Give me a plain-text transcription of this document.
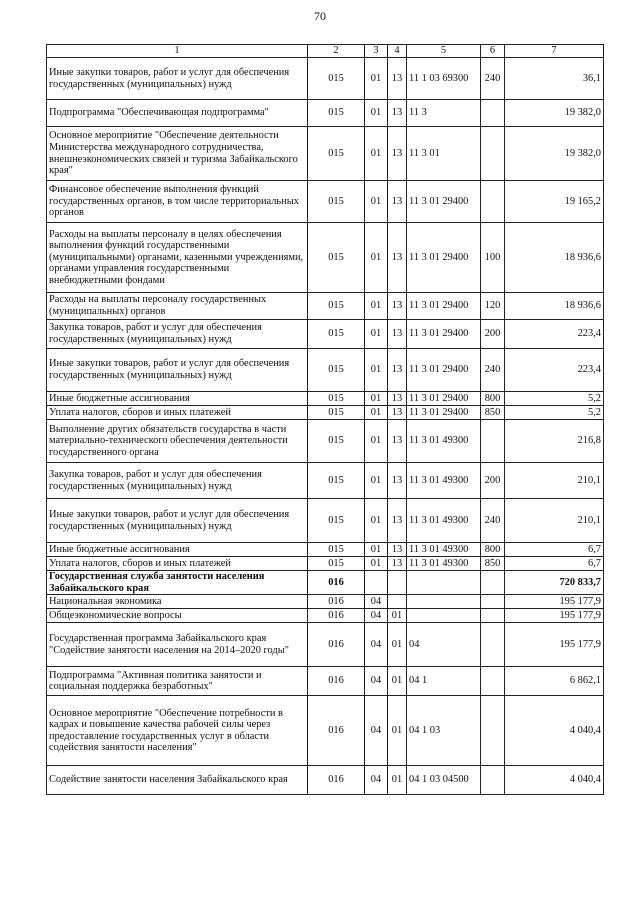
70
1	2	3	4	5	6	7
Иные закупки товаров, работ и услуг для обеспечения государственных (муниципальных) нужд	015	01	13	11 1 03 69300	240	36,1
Подпрограмма "Обеспечивающая подпрограмма"	015	01	13	11 3		19 382,0
Основное мероприятие "Обеспечение деятельности Министерства международного сотрудничества, внешнеэкономических связей и туризма Забайкальского края"	015	01	13	11 3 01		19 382,0
Финансовое обеспечение выполнения функций государственных органов, в том числе территориальных органов	015	01	13	11 3 01 29400		19 165,2
Расходы на выплаты персоналу в целях обеспечения выполнения функций государственными (муниципальными) органами, казенными учреждениями, органами управления государственными внебюджетными фондами	015	01	13	11 3 01 29400	100	18 936,6
Расходы на выплаты персоналу государственных (муниципальных) органов	015	01	13	11 3 01 29400	120	18 936,6
Закупка товаров, работ и услуг для обеспечения государственных (муниципальных) нужд	015	01	13	11 3 01 29400	200	223,4
Иные закупки товаров, работ и услуг для обеспечения государственных (муниципальных) нужд	015	01	13	11 3 01 29400	240	223,4
Иные бюджетные ассигнования	015	01	13	11 3 01 29400	800	5,2
Уплата налогов, сборов и иных платежей	015	01	13	11 3 01 29400	850	5,2
Выполнение других обязательств государства в части материально-технического обеспечения деятельности государственного органа	015	01	13	11 3 01 49300		216,8
Закупка товаров, работ и услуг для обеспечения государственных (муниципальных) нужд	015	01	13	11 3 01 49300	200	210,1
Иные закупки товаров, работ и услуг для обеспечения государственных (муниципальных) нужд	015	01	13	11 3 01 49300	240	210,1
Иные бюджетные ассигнования	015	01	13	11 3 01 49300	800	6,7
Уплата налогов, сборов и иных платежей	015	01	13	11 3 01 49300	850	6,7
Государственная служба занятости населения Забайкальского края	016					720 833,7
Национальная экономика	016	04				195 177,9
Общеэкономические вопросы	016	04	01			195 177,9
Государственная программа Забайкальского края "Содействие занятости населения на 2014–2020 годы"	016	04	01	04		195 177,9
Подпрограмма "Активная политика занятости и социальная поддержка безработных"	016	04	01	04 1		6 862,1
Основное мероприятие "Обеспечение потребности в кадрах и повышение качества рабочей силы через предоставление государственных услуг в области содействия занятости населения"	016	04	01	04 1 03		4 040,4
Содействие занятости населения Забайкальского края	016	04	01	04 1 03 04500		4 040,4
